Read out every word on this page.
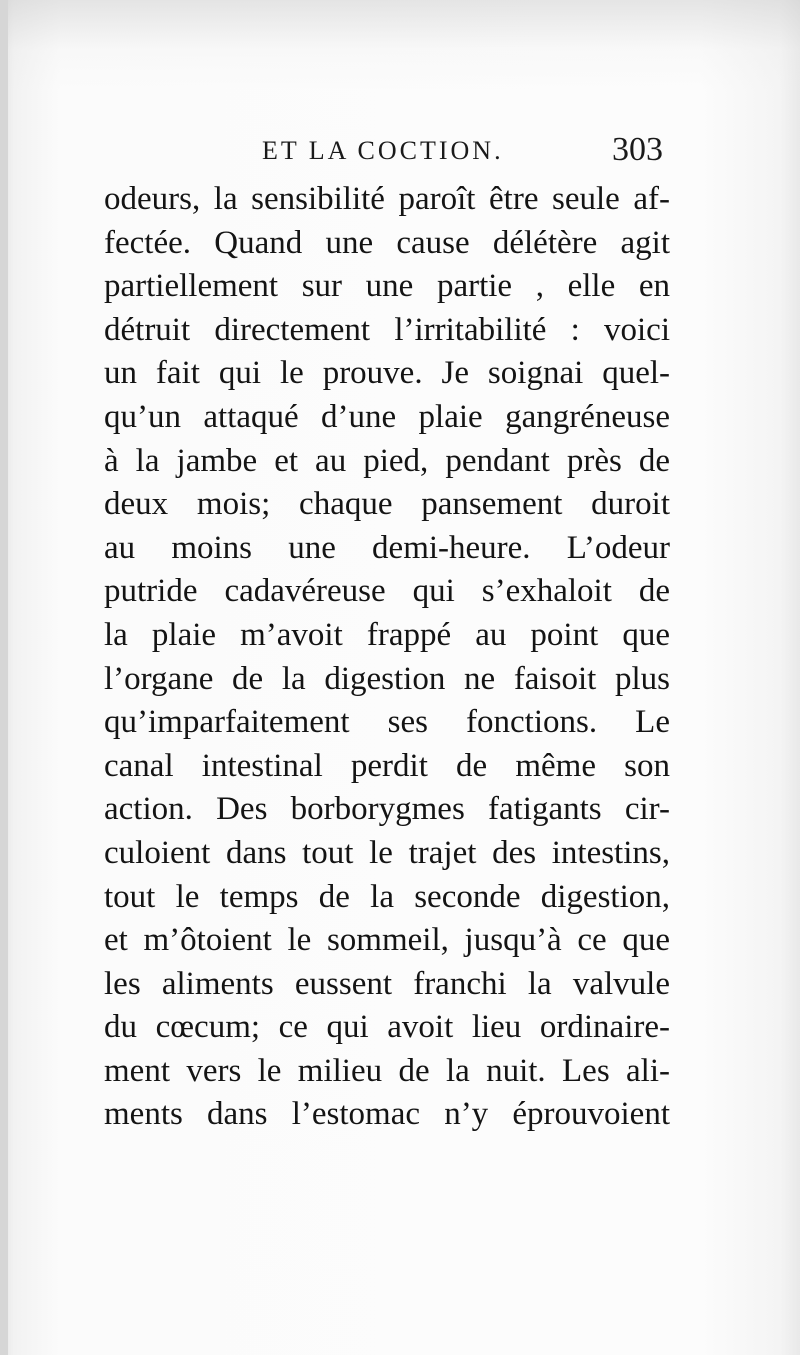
ET LA COCTION.	303
odeurs, la sensibilité paroît être seule af-
fectée. Quand une cause délétère agit
partiellement sur une partie , elle en
détruit directement l’irritabilité : voici
un fait qui le prouve. Je soignai quel-
qu’un attaqué d’une plaie gangréneuse
à la jambe et au pied, pendant près de
deux mois; chaque pansement duroit
au moins une demi-heure. L’odeur
putride cadavéreuse qui s’exhaloit de
la plaie m’avoit frappé au point que
l’organe de la digestion ne faisoit plus
qu’imparfaitement ses fonctions. Le
canal intestinal perdit de même son
action. Des borborygmes fatigants cir-
culoient dans tout le trajet des intestins,
tout le temps de la seconde digestion,
et m’ôtoient le sommeil, jusqu’à ce que
les aliments eussent franchi la valvule
du cœcum; ce qui avoit lieu ordinaire-
ment vers le milieu de la nuit. Les ali-
ments dans l’estomac n’y éprouvoient
